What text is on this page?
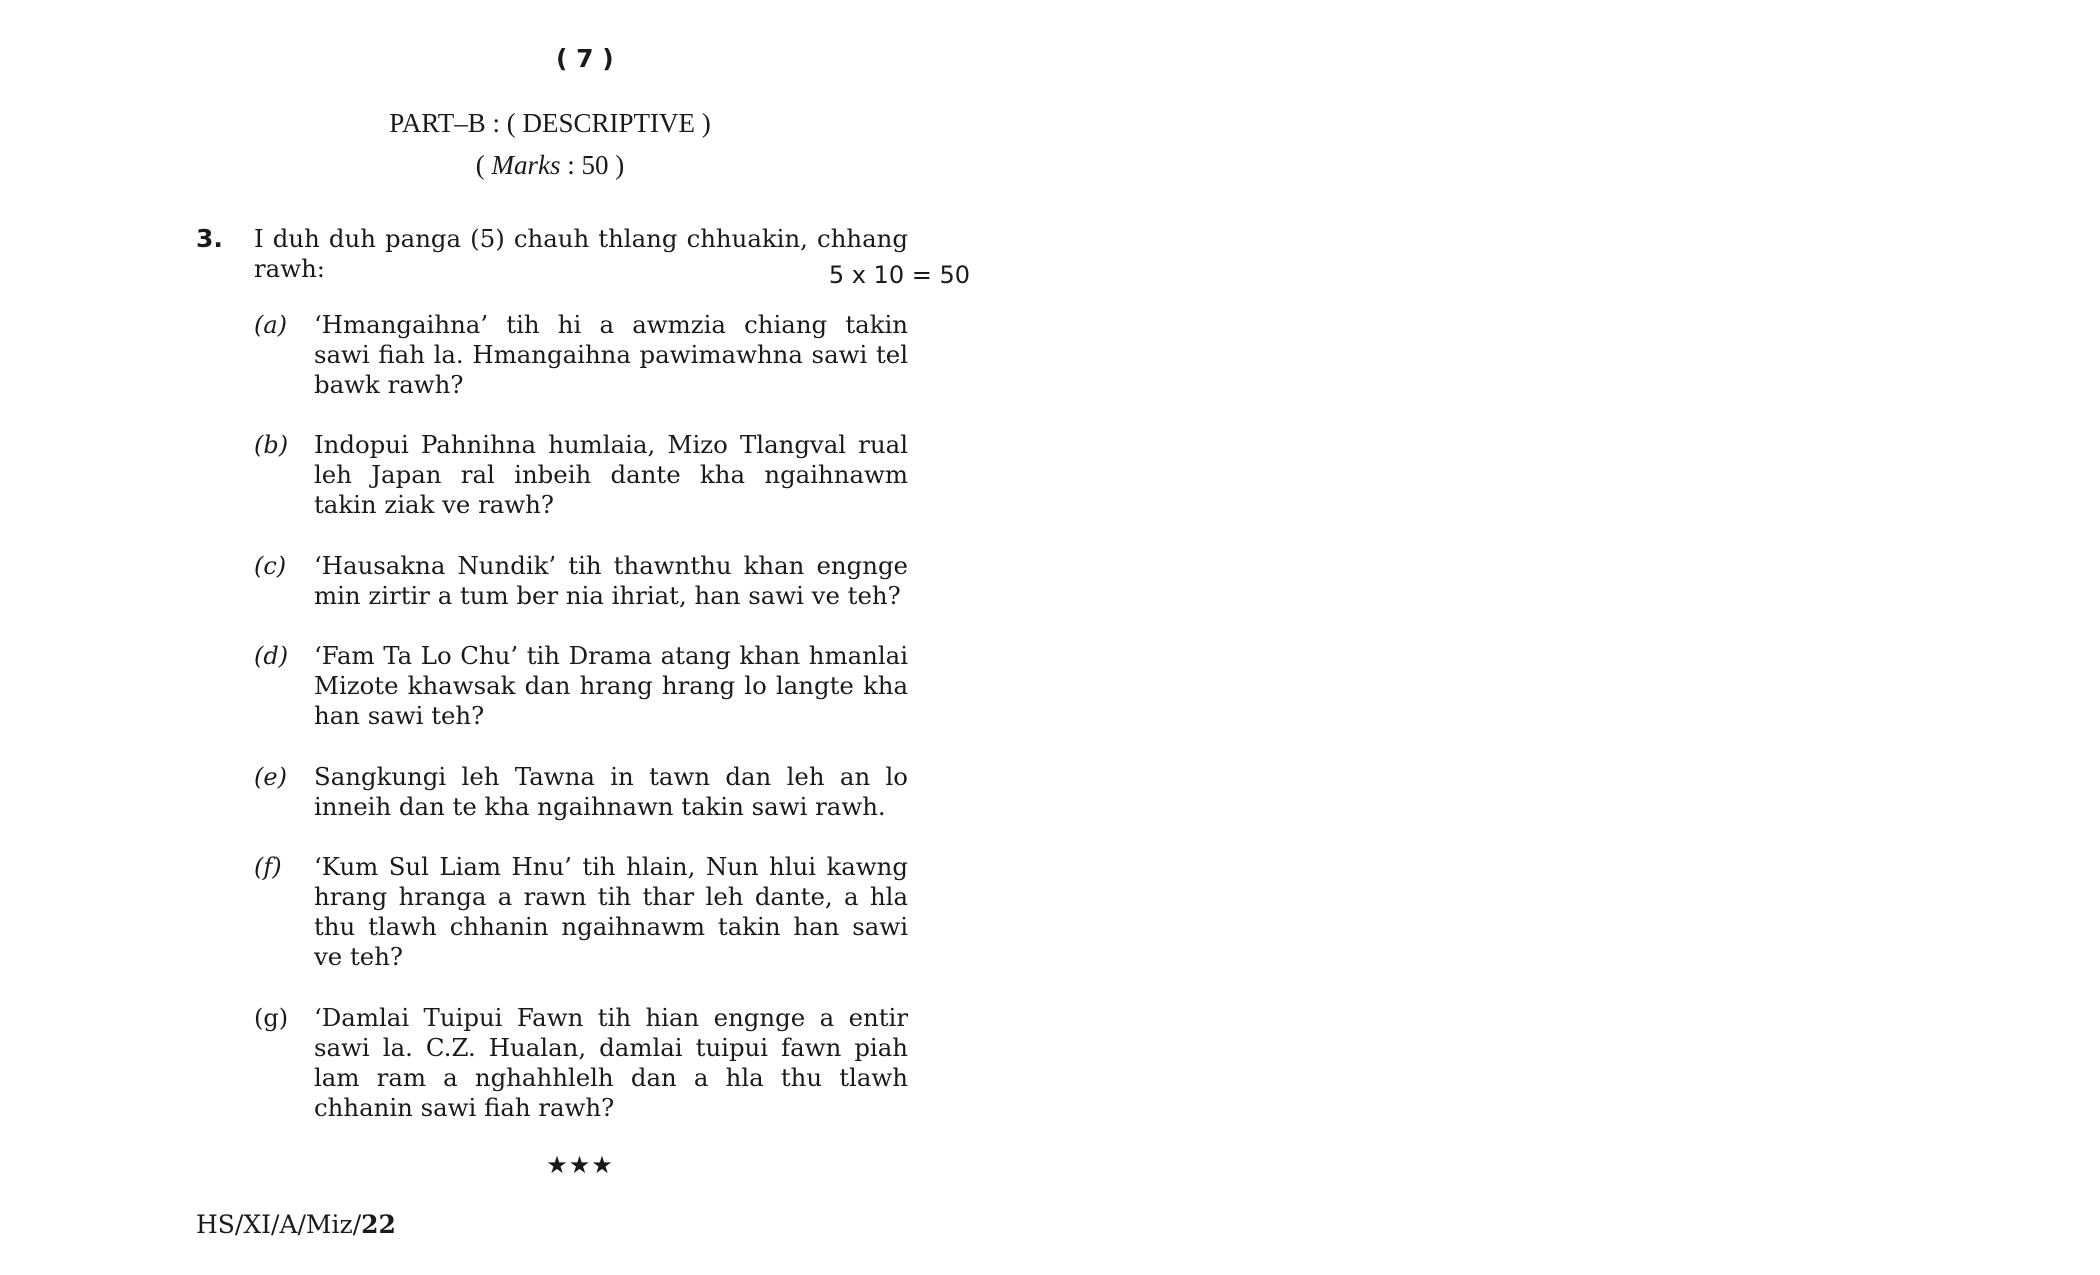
( 7 )
PART–B : ( DESCRIPTIVE )
( Marks : 50 )
3. I duh duh panga (5) chauh thlang chhuakin, chhang rawh:	5 x 10 = 50
(a)	‘Hmangaihna’ tih hi a awmzia chiang takin sawi fiah la. Hmangaihna pawimawhna sawi tel bawk rawh?
(b)	Indopui Pahnihna humlaia, Mizo Tlangval rual leh Japan ral inbeih dante kha ngaihnawm takin ziak ve rawh?
(c)	‘Hausakna Nundik’ tih thawnthu khan engnge min zirtir a tum ber nia ihriat, han sawi ve teh?
(d)	‘Fam Ta Lo Chu’ tih Drama atang khan hmanlai Mizote khawsak dan hrang hrang lo langte kha han sawi teh?
(e)	Sangkungi leh Tawna in tawn dan leh an lo inneih dan te kha ngaihnawn takin sawi rawh.
(f)	‘Kum Sul Liam Hnu’ tih hlain, Nun hlui kawng hrang hranga a rawn tih thar leh dante, a hla thu tlawh chhanin ngaihnawm takin han sawi ve teh?
(g)	‘Damlai Tuipui Fawn tih hian engnge a entir sawi la. C.Z. Hualan, damlai tuipui fawn piah lam ram a nghahhlelh dan a hla thu tlawh chhanin sawi fiah rawh?
★★★
HS/XI/A/Miz/22
